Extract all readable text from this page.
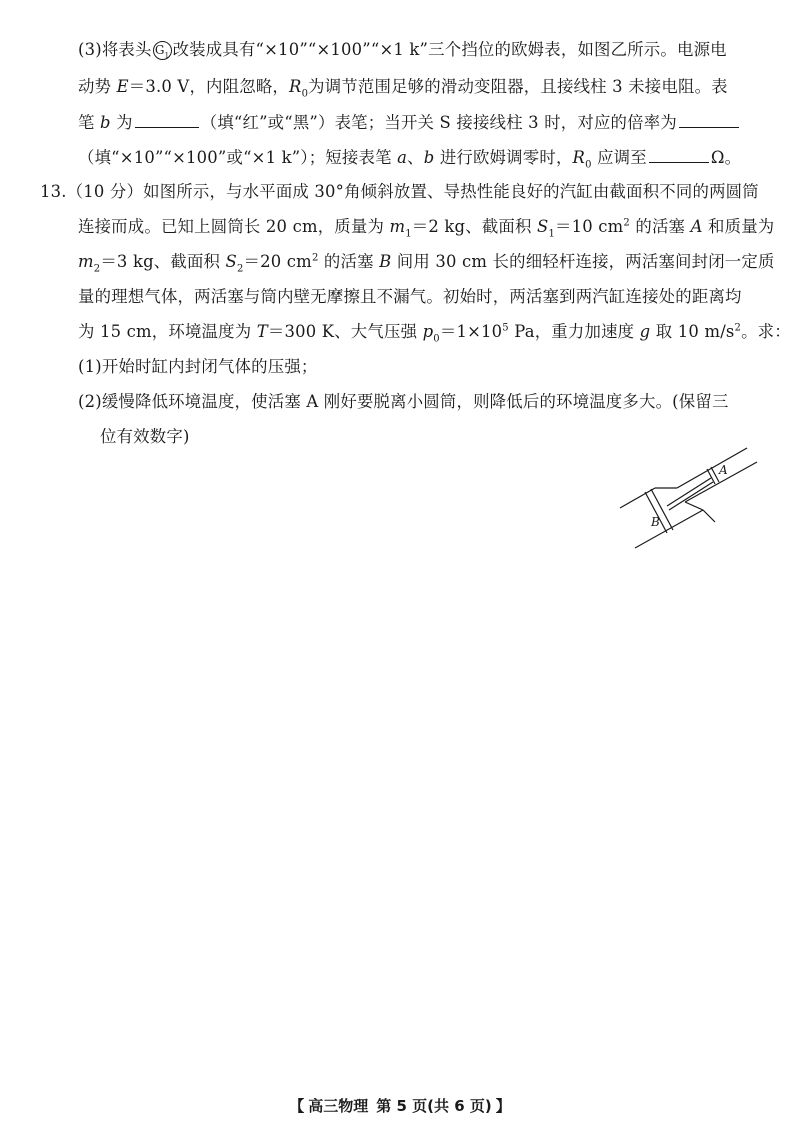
(3)将表头 $G_1$ 改装成具有“×10”“×100”“×1 k”三个挡位的欧姆表，如图乙所示。电源电
动势 E＝3.0 V，内阻忽略，$R_0$为调节范围足够的滑动变阻器，且接线柱 3 未接电阻。表
笔 b 为	（填“红”或“黑”）表笔；当开关 S 接接线柱 3 时，对应的倍率为
（填“×10”“×100”或“×1 k”）；短接表笔 a、b 进行欧姆调零时，$R_0$ 应调至	Ω。
13.（10 分）如图所示，与水平面成 30°角倾斜放置、导热性能良好的汽缸由截面积不同的两圆筒
连接而成。已知上圆筒长 20 cm，质量为 $m_1=2$ kg、截面积 $S_1=10$ $cm^2$ 的活塞 A 和质量为
$m_2=3$ kg、截面积 $S_2=20$ $cm^2$ 的活塞 B 间用 30 cm 长的细轻杆连接，两活塞间封闭一定质
量的理想气体，两活塞与筒内壁无摩擦且不漏气。初始时，两活塞到两汽缸连接处的距离均
为 15 cm，环境温度为 T＝300 K、大气压强 $p_0=1\times 10^5$ Pa，重力加速度 g 取 10 $m/s^2$。求：
(1)开始时缸内封闭气体的压强；
(2)缓慢降低环境温度，使活塞 A 刚好要脱离小圆筒，则降低后的环境温度多大。(保留三
位有效数字)
A
B
【 高三物理 第 5 页(共 6 页) 】
